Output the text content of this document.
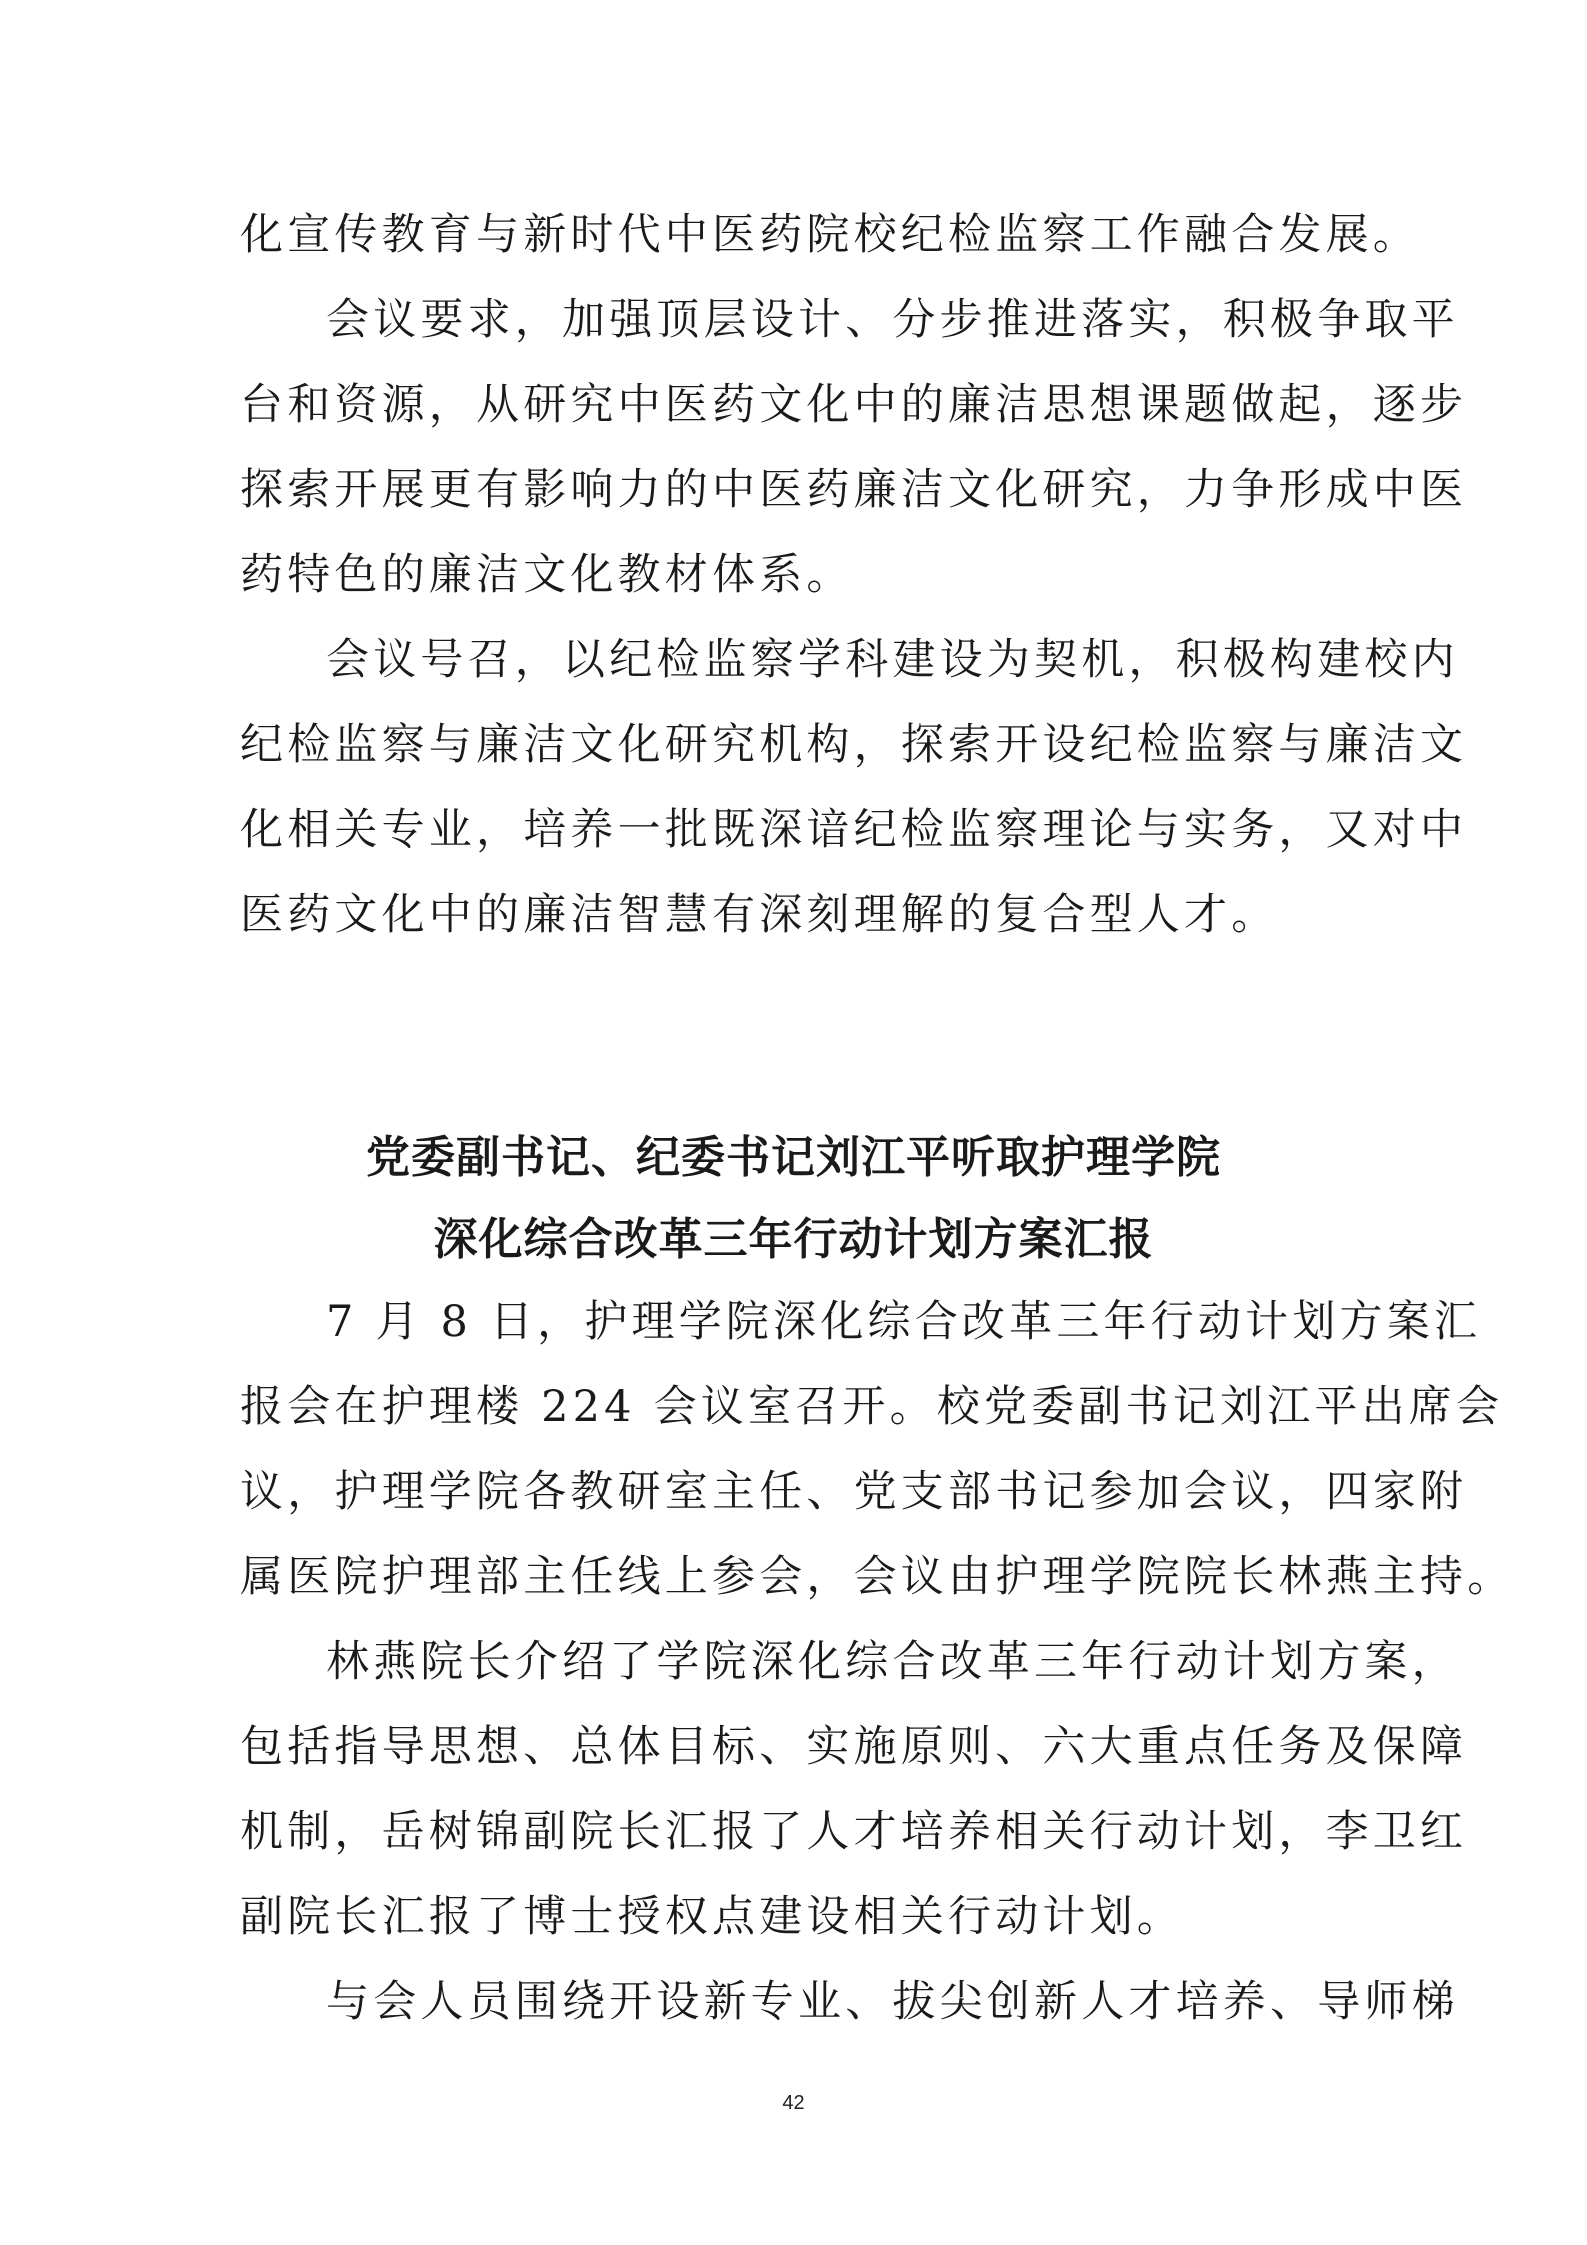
化宣传教育与新时代中医药院校纪检监察工作融合发展。
会议要求，加强顶层设计、分步推进落实，积极争取平
台和资源，从研究中医药文化中的廉洁思想课题做起，逐步
探索开展更有影响力的中医药廉洁文化研究，力争形成中医
药特色的廉洁文化教材体系。
会议号召，以纪检监察学科建设为契机，积极构建校内
纪检监察与廉洁文化研究机构，探索开设纪检监察与廉洁文
化相关专业，培养一批既深谙纪检监察理论与实务，又对中
医药文化中的廉洁智慧有深刻理解的复合型人才。
党委副书记、纪委书记刘江平听取护理学院
深化综合改革三年行动计划方案汇报
7 月 8 日，护理学院深化综合改革三年行动计划方案汇
报会在护理楼 224 会议室召开。校党委副书记刘江平出席会
议，护理学院各教研室主任、党支部书记参加会议，四家附
属医院护理部主任线上参会，会议由护理学院院长林燕主持。
林燕院长介绍了学院深化综合改革三年行动计划方案，
包括指导思想、总体目标、实施原则、六大重点任务及保障
机制，岳树锦副院长汇报了人才培养相关行动计划，李卫红
副院长汇报了博士授权点建设相关行动计划。
与会人员围绕开设新专业、拔尖创新人才培养、导师梯
42
